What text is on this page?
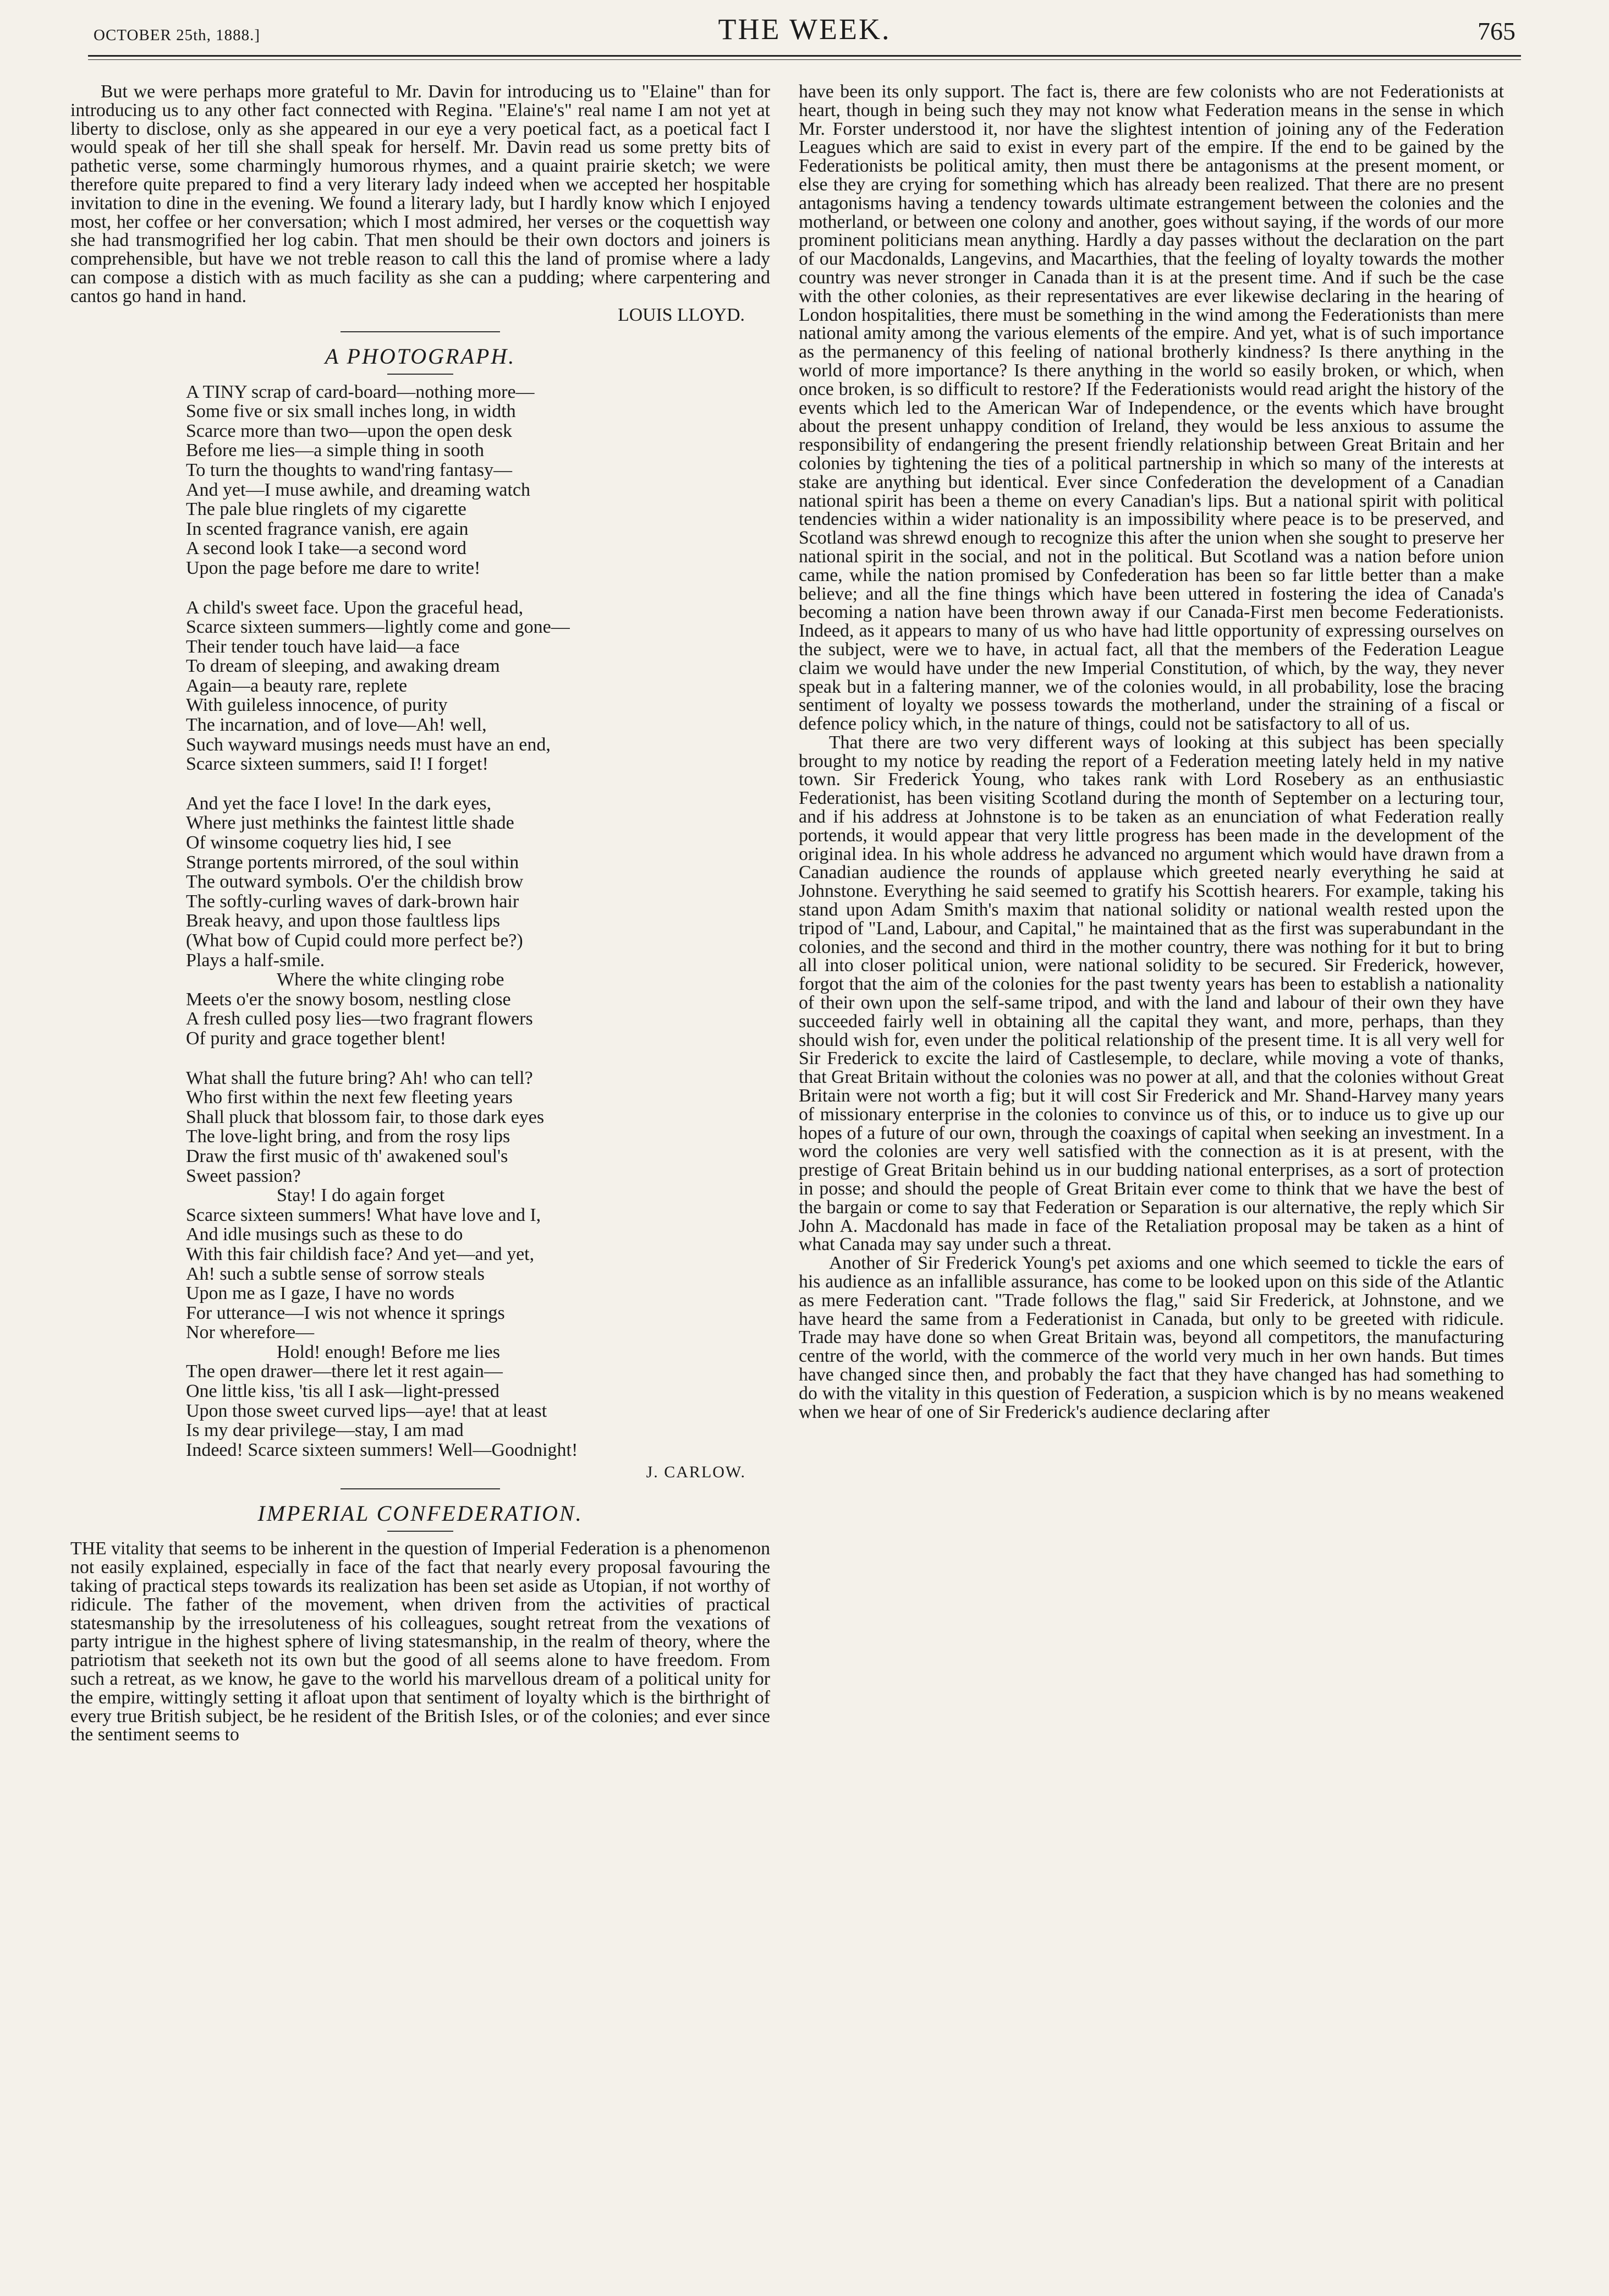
OCTOBER 25th, 1888.]	THE WEEK.	765

But we were perhaps more grateful to Mr. Davin for introducing us to "Elaine" than for introducing us to any other fact connected with Regina. "Elaine's" real name I am not yet at liberty to disclose, only as she appeared in our eye a very poetical fact, as a poetical fact I would speak of her till she shall speak for herself. Mr. Davin read us some pretty bits of pathetic verse, some charmingly humorous rhymes, and a quaint prairie sketch; we were therefore quite prepared to find a very literary lady indeed when we accepted her hospitable invitation to dine in the evening. We found a literary lady, but I hardly know which I enjoyed most, her coffee or her conversation; which I most admired, her verses or the coquettish way she had transmogrified her log cabin. That men should be their own doctors and joiners is comprehensible, but have we not treble reason to call this the land of promise where a lady can compose a distich with as much facility as she can a pudding; where carpentering and cantos go hand in hand.

LOUIS LLOYD.
A PHOTOGRAPH.
A TINY scrap of card-board—nothing more—
Some five or six small inches long, in width
Scarce more than two—upon the open desk
Before me lies—a simple thing in sooth
To turn the thoughts to wand'ring fantasy—
And yet—I muse awhile, and dreaming watch
The pale blue ringlets of my cigarette
In scented fragrance vanish, ere again
A second look I take—a second word
Upon the page before me dare to write!
A child's sweet face. Upon the graceful head,
Scarce sixteen summers—lightly come and gone—
Their tender touch have laid—a face
To dream of sleeping, and awaking dream
Again—a beauty rare, replete
With guileless innocence, of purity
The incarnation, and of love—Ah! well,
Such wayward musings needs must have an end,
Scarce sixteen summers, said I! I forget!
And yet the face I love! In the dark eyes,
Where just methinks the faintest little shade
Of winsome coquetry lies hid, I see
Strange portents mirrored, of the soul within
The outward symbols. O'er the childish brow
The softly-curling waves of dark-brown hair
Break heavy, and upon those faultless lips
(What bow of Cupid could more perfect be?)
Plays a half-smile.
Where the white clinging robe
Meets o'er the snowy bosom, nestling close
A fresh culled posy lies—two fragrant flowers
Of purity and grace together blent!
What shall the future bring? Ah! who can tell?
Who first within the next few fleeting years
Shall pluck that blossom fair, to those dark eyes
The love-light bring, and from the rosy lips
Draw the first music of th' awakened soul's
Sweet passion?
Stay! I do again forget
Scarce sixteen summers! What have love and I,
And idle musings such as these to do
With this fair childish face? And yet—and yet,
Ah! such a subtle sense of sorrow steals
Upon me as I gaze, I have no words
For utterance—I wis not whence it springs
Nor wherefore—
Hold! enough! Before me lies
The open drawer—there let it rest again—
One little kiss, 'tis all I ask—light-pressed
Upon those sweet curved lips—aye! that at least
Is my dear privilege—stay, I am mad
Indeed! Scarce sixteen summers! Well—Goodnight!
J. CARLOW.
IMPERIAL CONFEDERATION.

THE vitality that seems to be inherent in the question of Imperial Federation is a phenomenon not easily explained, especially in face of the fact that nearly every proposal favouring the taking of practical steps towards its realization has been set aside as Utopian, if not worthy of ridicule. The father of the movement, when driven from the activities of practical statesmanship by the irresoluteness of his colleagues, sought retreat from the vexations of party intrigue in the highest sphere of living statesmanship, in the realm of theory, where the patriotism that seeketh not its own but the good of all seems alone to have freedom. From such a retreat, as we know, he gave to the world his marvellous dream of a political unity for the empire, wittingly setting it afloat upon that sentiment of loyalty which is the birthright of every true British subject, be he resident of the British Isles, or of the colonies; and ever since the sentiment seems to

have been its only support. The fact is, there are few colonists who are not Federationists at heart, though in being such they may not know what Federation means in the sense in which Mr. Forster understood it, nor have the slightest intention of joining any of the Federation Leagues which are said to exist in every part of the empire. If the end to be gained by the Federationists be political amity, then must there be antagonisms at the present moment, or else they are crying for something which has already been realized. That there are no present antagonisms having a tendency towards ultimate estrangement between the colonies and the motherland, or between one colony and another, goes without saying, if the words of our more prominent politicians mean anything. Hardly a day passes without the declaration on the part of our Macdonalds, Langevins, and Macarthies, that the feeling of loyalty towards the mother country was never stronger in Canada than it is at the present time. And if such be the case with the other colonies, as their representatives are ever likewise declaring in the hearing of London hospitalities, there must be something in the wind among the Federationists than mere national amity among the various elements of the empire. And yet, what is of such importance as the permanency of this feeling of national brotherly kindness? Is there anything in the world of more importance? Is there anything in the world so easily broken, or which, when once broken, is so difficult to restore? If the Federationists would read aright the history of the events which led to the American War of Independence, or the events which have brought about the present unhappy condition of Ireland, they would be less anxious to assume the responsibility of endangering the present friendly relationship between Great Britain and her colonies by tightening the ties of a political partnership in which so many of the interests at stake are anything but identical. Ever since Confederation the development of a Canadian national spirit has been a theme on every Canadian's lips. But a national spirit with political tendencies within a wider nationality is an impossibility where peace is to be preserved, and Scotland was shrewd enough to recognize this after the union when she sought to preserve her national spirit in the social, and not in the political. But Scotland was a nation before union came, while the nation promised by Confederation has been so far little better than a make believe; and all the fine things which have been uttered in fostering the idea of Canada's becoming a nation have been thrown away if our Canada-First men become Federationists. Indeed, as it appears to many of us who have had little opportunity of expressing ourselves on the subject, were we to have, in actual fact, all that the members of the Federation League claim we would have under the new Imperial Constitution, of which, by the way, they never speak but in a faltering manner, we of the colonies would, in all probability, lose the bracing sentiment of loyalty we possess towards the motherland, under the straining of a fiscal or defence policy which, in the nature of things, could not be satisfactory to all of us.

That there are two very different ways of looking at this subject has been specially brought to my notice by reading the report of a Federation meeting lately held in my native town. Sir Frederick Young, who takes rank with Lord Rosebery as an enthusiastic Federationist, has been visiting Scotland during the month of September on a lecturing tour, and if his address at Johnstone is to be taken as an enunciation of what Federation really portends, it would appear that very little progress has been made in the development of the original idea. In his whole address he advanced no argument which would have drawn from a Canadian audience the rounds of applause which greeted nearly everything he said at Johnstone. Everything he said seemed to gratify his Scottish hearers. For example, taking his stand upon Adam Smith's maxim that national solidity or national wealth rested upon the tripod of "Land, Labour, and Capital," he maintained that as the first was superabundant in the colonies, and the second and third in the mother country, there was nothing for it but to bring all into closer political union, were national solidity to be secured. Sir Frederick, however, forgot that the aim of the colonies for the past twenty years has been to establish a nationality of their own upon the self-same tripod, and with the land and labour of their own they have succeeded fairly well in obtaining all the capital they want, and more, perhaps, than they should wish for, even under the political relationship of the present time. It is all very well for Sir Frederick to excite the laird of Castlesemple, to declare, while moving a vote of thanks, that Great Britain without the colonies was no power at all, and that the colonies without Great Britain were not worth a fig; but it will cost Sir Frederick and Mr. Shand-Harvey many years of missionary enterprise in the colonies to convince us of this, or to induce us to give up our hopes of a future of our own, through the coaxings of capital when seeking an investment. In a word the colonies are very well satisfied with the connection as it is at present, with the prestige of Great Britain behind us in our budding national enterprises, as a sort of protection in posse; and should the people of Great Britain ever come to think that we have the best of the bargain or come to say that Federation or Separation is our alternative, the reply which Sir John A. Macdonald has made in face of the Retaliation proposal may be taken as a hint of what Canada may say under such a threat.

Another of Sir Frederick Young's pet axioms and one which seemed to tickle the ears of his audience as an infallible assurance, has come to be looked upon on this side of the Atlantic as mere Federation cant. "Trade follows the flag," said Sir Frederick, at Johnstone, and we have heard the same from a Federationist in Canada, but only to be greeted with ridicule. Trade may have done so when Great Britain was, beyond all competitors, the manufacturing centre of the world, with the commerce of the world very much in her own hands. But times have changed since then, and probably the fact that they have changed has had something to do with the vitality in this question of Federation, a suspicion which is by no means weakened when we hear of one of Sir Frederick's audience declaring after
